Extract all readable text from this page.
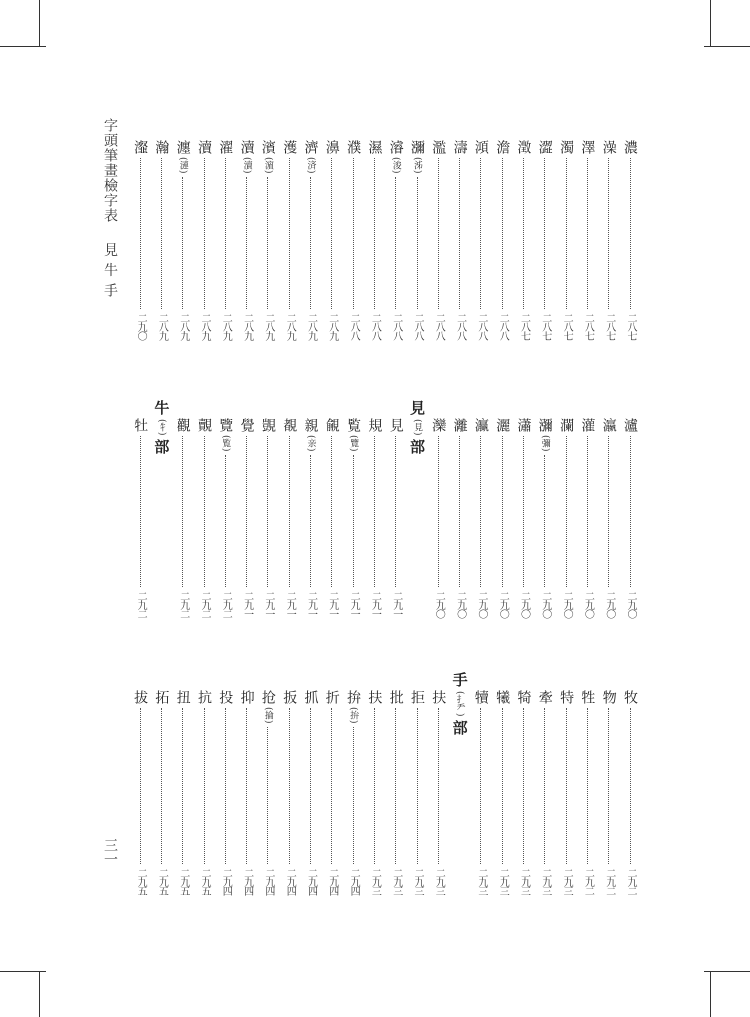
字頭筆畫檢字表 見 牛 手
三一
濃
二八七
澡
二八七
澤
二八七
濁
二八七
澀
二八七
澂
二八七
澹
二八八
澒
二八八
濤
二八八
濫
二八八
瀰
( 泲 )
二八八
濬
( 浚 )
二八八
濕
二八八
濮
二八八
濞
二八九
濟
( 済 )
二八九
濩
二八九
濱
( 濵 )
二八九
瀆
( 瀆 )
二八九
濯
二八九
瀆
二八九
瀍
( 漣 )
二八九
瀚
二八九
瀣
二九〇
瀘
二九〇
瀛
二九〇
灌
二九〇
瀾
二九〇
瀰
( 彌 )
二九〇
瀟
二九〇
灑
二九〇
灜
二九〇
灕
二九〇
灤
二九〇
見
( 見 )
部
見
二九一
規
二九一
覧
( 覽 )
二九一
覦
二九一
親
( 亲 )
二九一
覩
二九一
覬
二九一
覺
二九一
覽
( 覧 )
二九二
覿
二九二
觀
二九二
牛
( 牜 )
部
牡
二九二
牧
二九二
物
二九二
牲
二九二
特
二九三
牽
二九三
犄
二九三
犧
二九三
犢
二九三
手
( 扌龵 )
部
扶
二九三
拒
二九三
批
二九三
扶
二九三
拚
( 拚 )
二九四
折
二九四
抓
二九四
扳
二九四
抢
( 掄 )
二九四
抑
二九四
投
二九四
抗
二九五
扭
二九五
拓
二九五
拔
二九五
